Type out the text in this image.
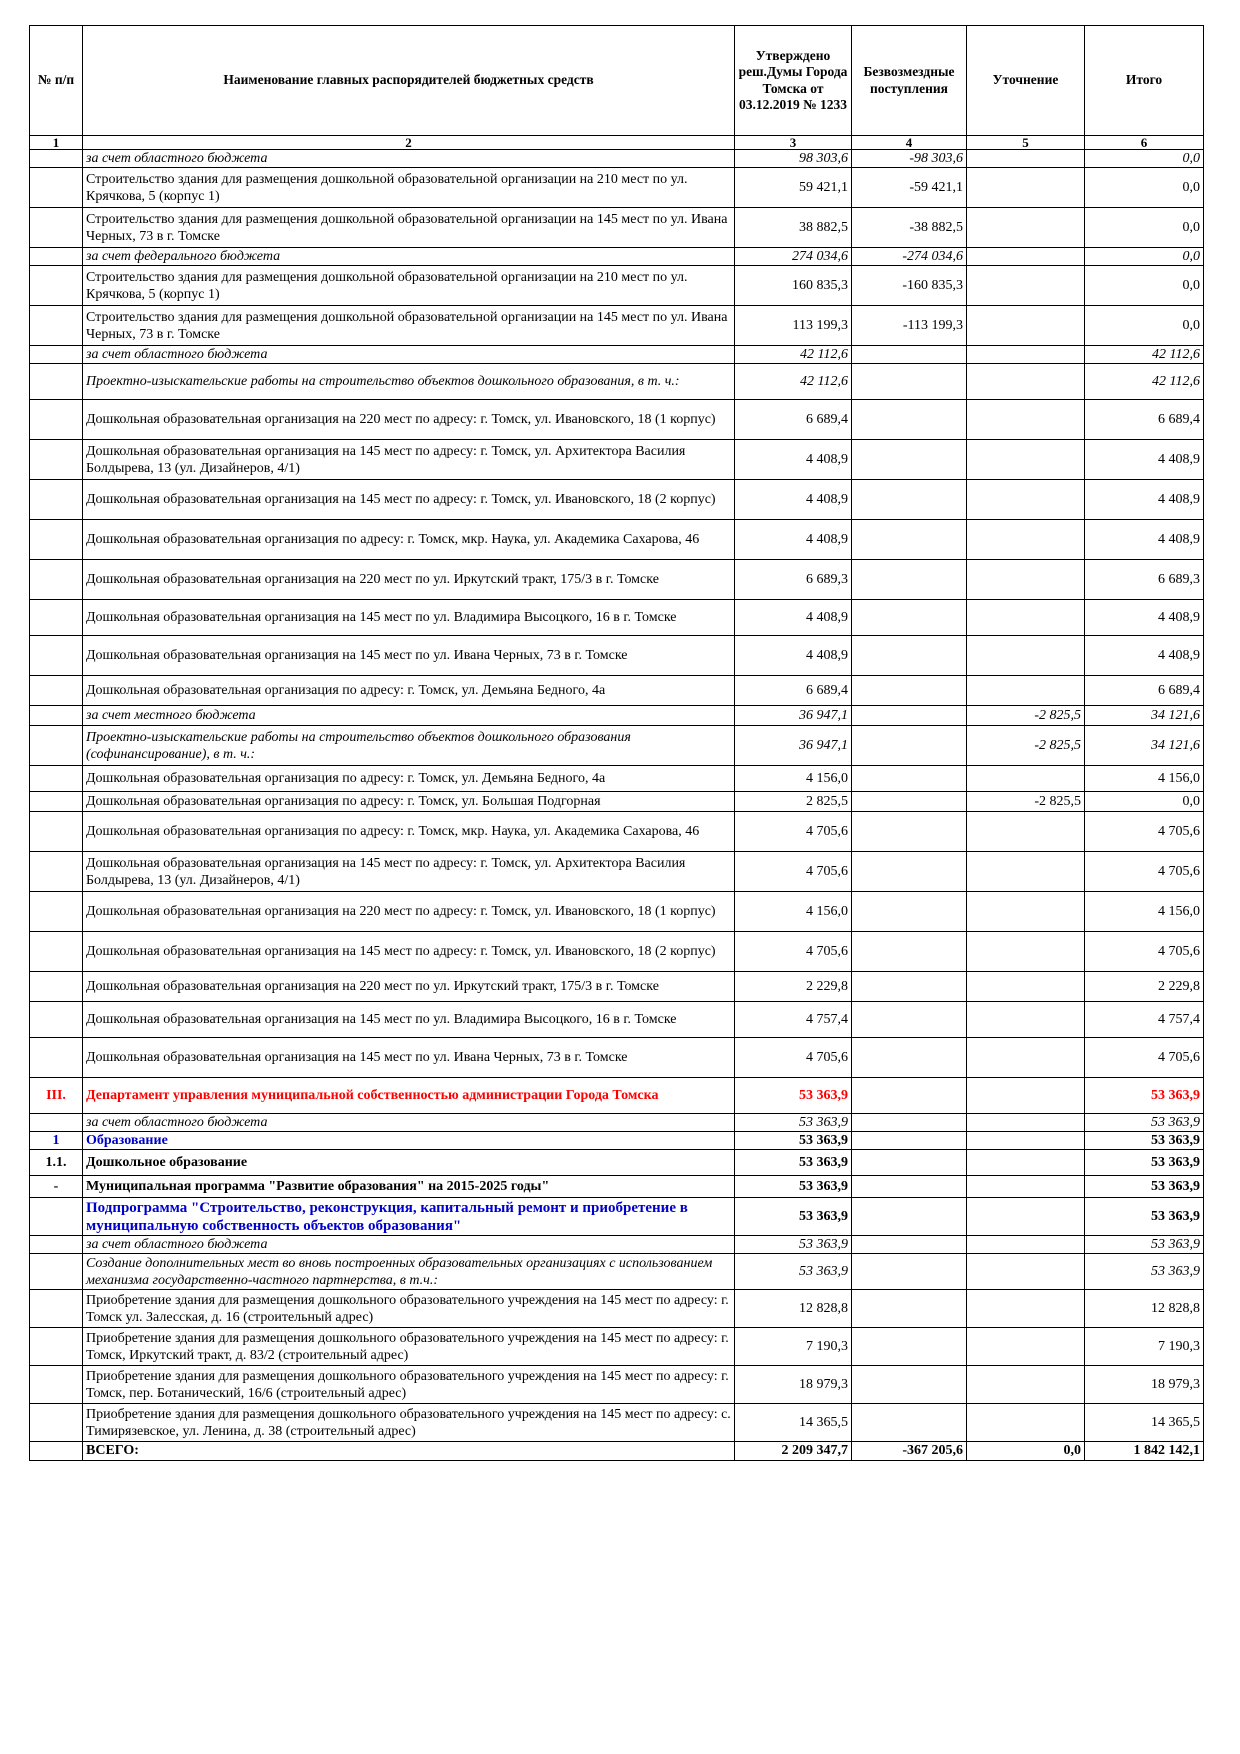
№ п/п	Наименование главных распорядителей бюджетных средств	Утверждено реш.Думы Города Томска от 03.12.2019 № 1233	Безвозмездные поступления	Уточнение	Итого
1	2	3	4	5	6
	за счет областного бюджета	98 303,6	-98 303,6		0,0
	Строительство здания для размещения дошкольной образовательной организации на 210 мест по ул. Крячкова, 5 (корпус 1)	59 421,1	-59 421,1		0,0
	Строительство здания для размещения дошкольной образовательной организации на 145 мест по ул. Ивана Черных, 73 в г. Томске	38 882,5	-38 882,5		0,0
	за счет федерального бюджета	274 034,6	-274 034,6		0,0
	Строительство здания для размещения дошкольной образовательной организации на 210 мест по ул. Крячкова, 5 (корпус 1)	160 835,3	-160 835,3		0,0
	Строительство здания для размещения дошкольной образовательной организации на 145 мест по ул. Ивана Черных, 73 в г. Томске	113 199,3	-113 199,3		0,0
	за счет областного бюджета	42 112,6			42 112,6
	Проектно-изыскательские работы на строительство объектов дошкольного образования, в т. ч.:	42 112,6			42 112,6
	Дошкольная образовательная организация на 220 мест по адресу: г. Томск, ул. Ивановского, 18 (1 корпус)	6 689,4			6 689,4
	Дошкольная образовательная организация на 145 мест по адресу: г. Томск, ул. Архитектора Василия Болдырева, 13 (ул. Дизайнеров, 4/1)	4 408,9			4 408,9
	Дошкольная образовательная организация на 145 мест по адресу: г. Томск, ул. Ивановского, 18 (2 корпус)	4 408,9			4 408,9
	Дошкольная образовательная организация по адресу: г. Томск, мкр. Наука, ул. Академика Сахарова, 46	4 408,9			4 408,9
	Дошкольная образовательная организация на 220 мест по ул. Иркутский тракт, 175/3 в г. Томске	6 689,3			6 689,3
	Дошкольная образовательная организация на 145 мест по ул. Владимира Высоцкого, 16 в г. Томске	4 408,9			4 408,9
	Дошкольная образовательная организация на 145 мест по ул. Ивана Черных, 73 в г. Томске	4 408,9			4 408,9
	Дошкольная образовательная организация по адресу: г. Томск, ул. Демьяна Бедного, 4а	6 689,4			6 689,4
	за счет местного бюджета	36 947,1		-2 825,5	34 121,6
	Проектно-изыскательские работы на строительство объектов дошкольного образования (софинансирование), в т. ч.:	36 947,1		-2 825,5	34 121,6
	Дошкольная образовательная организация по адресу: г. Томск, ул. Демьяна Бедного, 4а	4 156,0			4 156,0
	Дошкольная образовательная организация по адресу: г. Томск, ул. Большая Подгорная	2 825,5		-2 825,5	0,0
	Дошкольная образовательная организация по адресу: г. Томск, мкр. Наука, ул. Академика Сахарова, 46	4 705,6			4 705,6
	Дошкольная образовательная организация на 145 мест по адресу: г. Томск, ул. Архитектора Василия Болдырева, 13 (ул. Дизайнеров, 4/1)	4 705,6			4 705,6
	Дошкольная образовательная организация на 220 мест по адресу: г. Томск, ул. Ивановского, 18 (1 корпус)	4 156,0			4 156,0
	Дошкольная образовательная организация на 145 мест по адресу: г. Томск, ул. Ивановского, 18 (2 корпус)	4 705,6			4 705,6
	Дошкольная образовательная организация на 220 мест по ул. Иркутский тракт, 175/3 в г. Томске	2 229,8			2 229,8
	Дошкольная образовательная организация на 145 мест по ул. Владимира Высоцкого, 16 в г. Томске	4 757,4			4 757,4
	Дошкольная образовательная организация на 145 мест по ул. Ивана Черных, 73 в г. Томске	4 705,6			4 705,6
III.	Департамент управления муниципальной собственностью администрации Города Томска	53 363,9			53 363,9
	за счет областного бюджета	53 363,9			53 363,9
1	Образование	53 363,9			53 363,9
1.1.	Дошкольное образование	53 363,9			53 363,9
-	Муниципальная программа "Развитие образования" на 2015-2025 годы"	53 363,9			53 363,9
	Подпрограмма "Строительство, реконструкция, капитальный ремонт и приобретение в муниципальную собственность объектов образования"	53 363,9			53 363,9
	за счет областного бюджета	53 363,9			53 363,9
	Создание дополнительных мест во вновь построенных образовательных организациях с использованием механизма государственно-частного партнерства, в т.ч.:	53 363,9			53 363,9
	Приобретение здания для размещения дошкольного образовательного учреждения на 145 мест по адресу: г. Томск ул. Залесская, д. 16 (строительный адрес)	12 828,8			12 828,8
	Приобретение здания для размещения дошкольного образовательного учреждения на 145 мест по адресу: г. Томск, Иркутский тракт, д. 83/2 (строительный адрес)	7 190,3			7 190,3
	Приобретение здания для размещения дошкольного образовательного учреждения на 145 мест по адресу: г. Томск, пер. Ботанический, 16/6 (строительный адрес)	18 979,3			18 979,3
	Приобретение здания для размещения дошкольного образовательного учреждения на 145 мест по адресу: с. Тимирязевское, ул. Ленина, д. 38 (строительный адрес)	14 365,5			14 365,5
	ВСЕГО:	2 209 347,7	-367 205,6	0,0	1 842 142,1
